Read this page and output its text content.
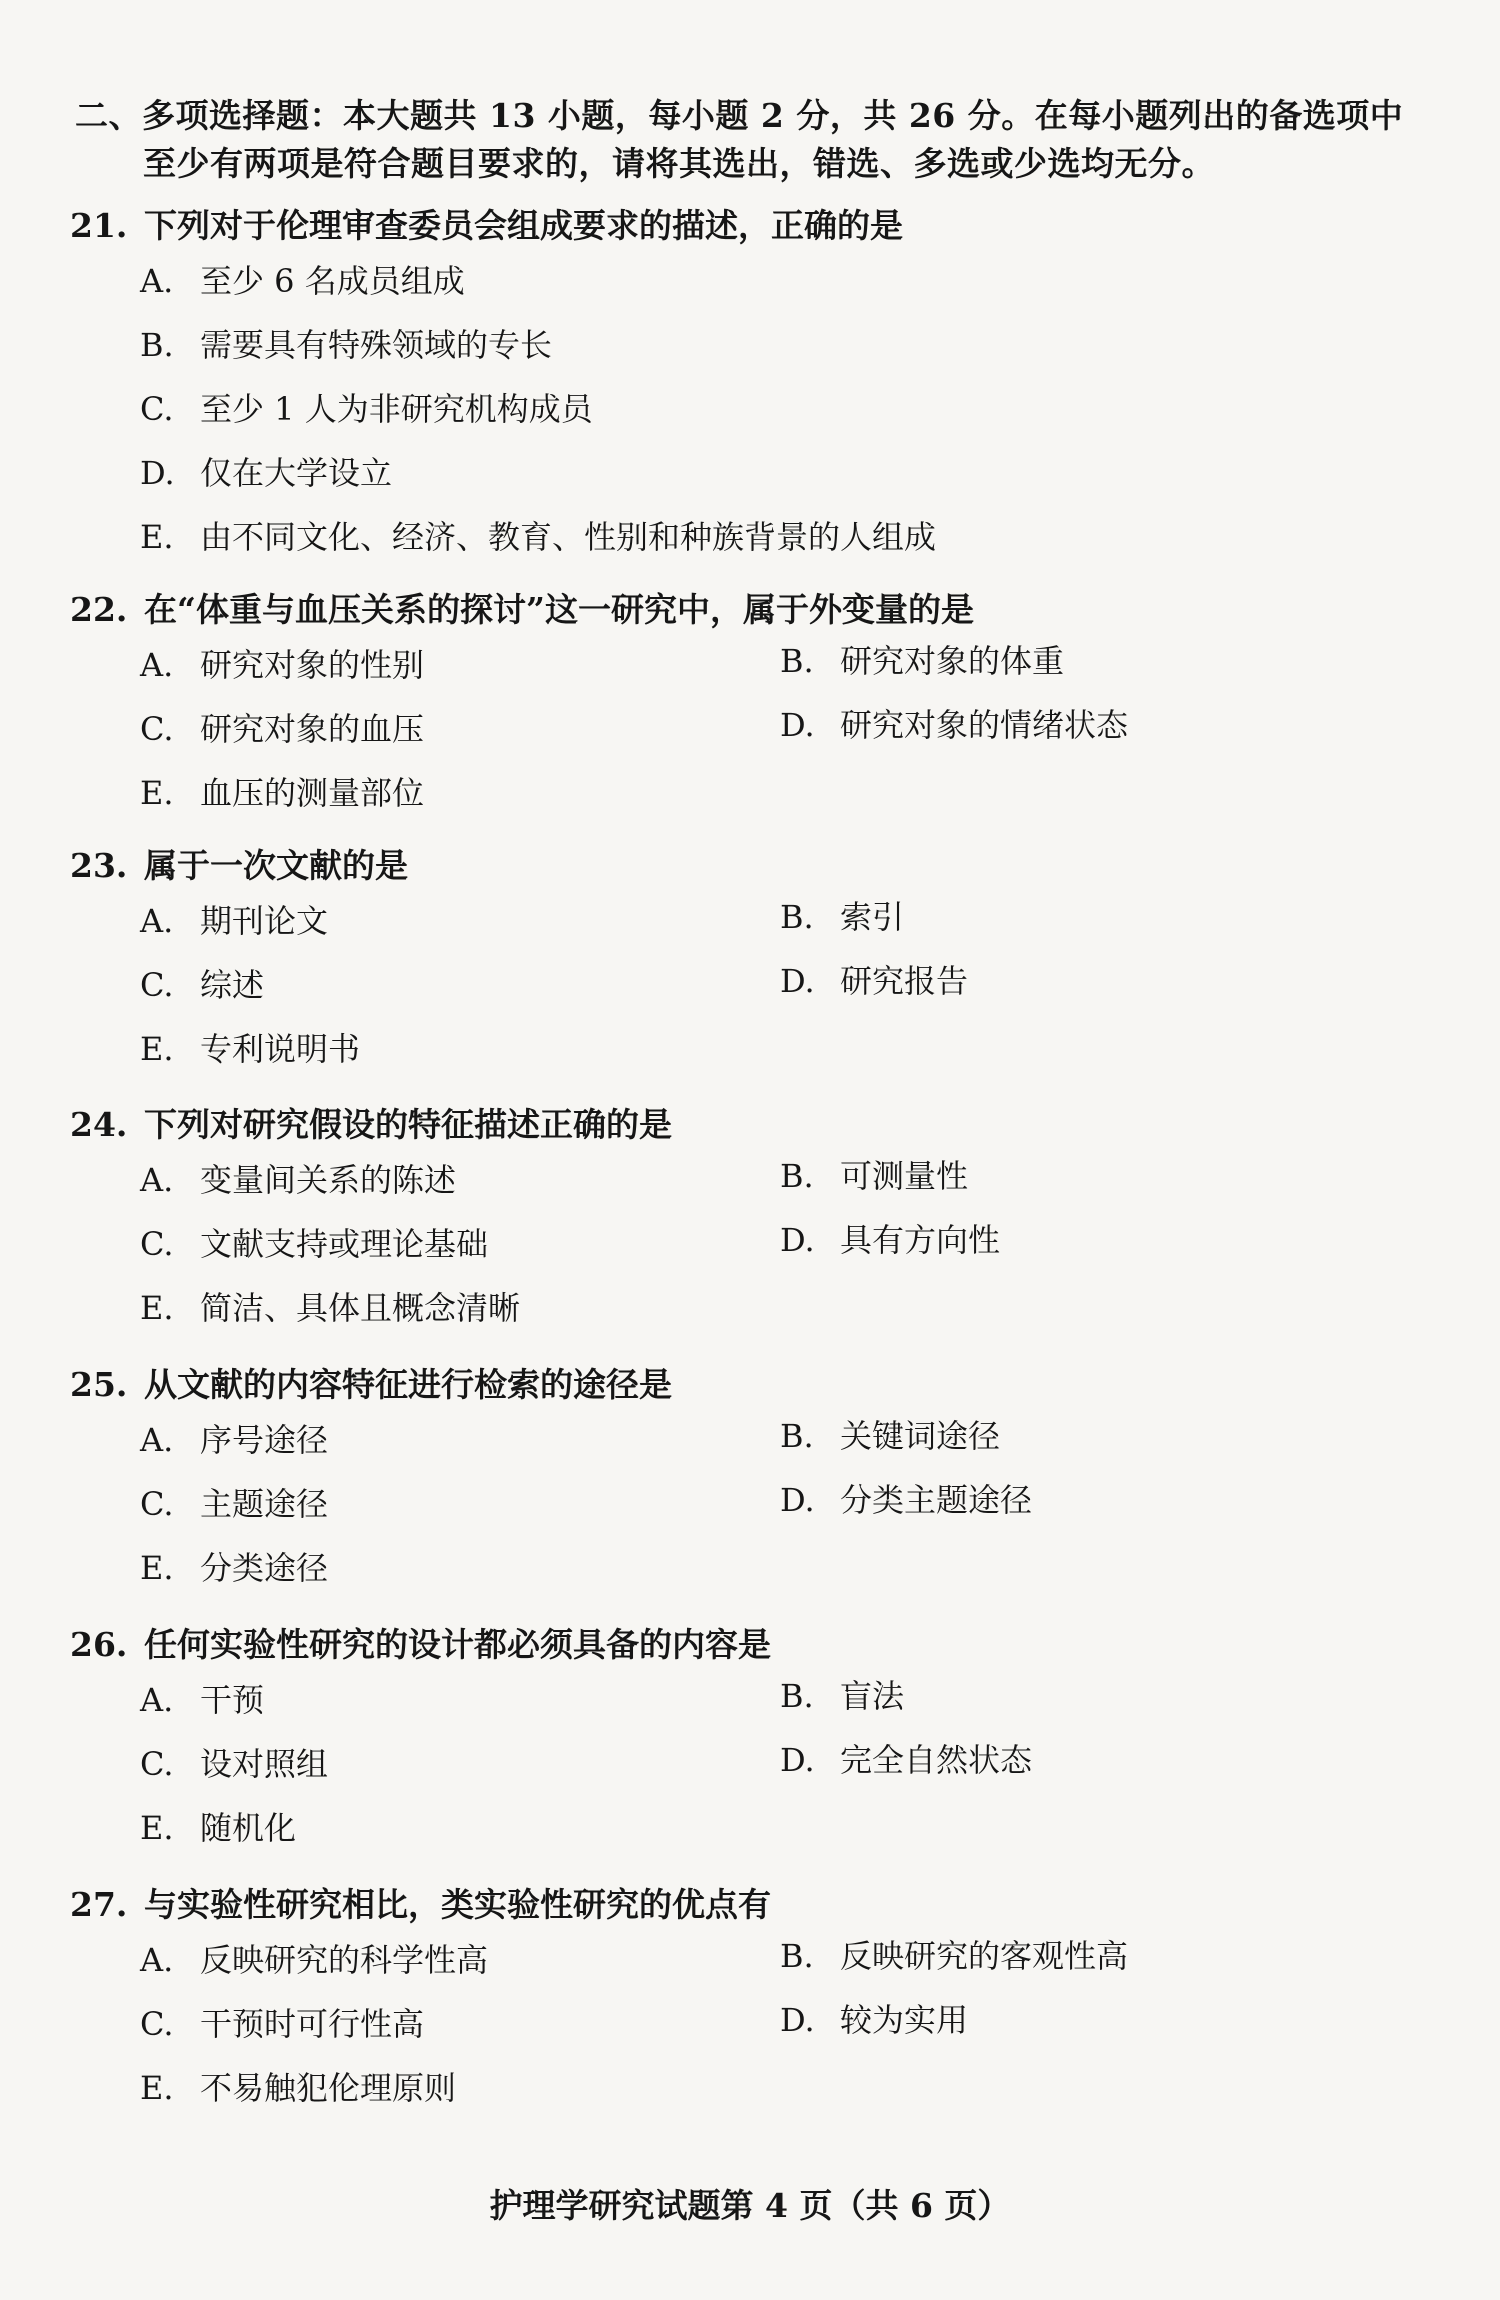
二、多项选择题：本大题共 13 小题，每小题 2 分，共 26 分。在每小题列出的备选项中
至少有两项是符合题目要求的，请将其选出，错选、多选或少选均无分。
21. 下列对于伦理审查委员会组成要求的描述，正确的是
A. 至少 6 名成员组成
B. 需要具有特殊领域的专长
C. 至少 1 人为非研究机构成员
D. 仅在大学设立
E. 由不同文化、经济、教育、性别和种族背景的人组成
22. 在“体重与血压关系的探讨”这一研究中，属于外变量的是
A. 研究对象的性别	B. 研究对象的体重
C. 研究对象的血压	D. 研究对象的情绪状态
E. 血压的测量部位
23. 属于一次文献的是
A. 期刊论文	B. 索引
C. 综述	D. 研究报告
E. 专利说明书
24. 下列对研究假设的特征描述正确的是
A. 变量间关系的陈述	B. 可测量性
C. 文献支持或理论基础	D. 具有方向性
E. 简洁、具体且概念清晰
25. 从文献的内容特征进行检索的途径是
A. 序号途径	B. 关键词途径
C. 主题途径	D. 分类主题途径
E. 分类途径
26. 任何实验性研究的设计都必须具备的内容是
A. 干预	B. 盲法
C. 设对照组	D. 完全自然状态
E. 随机化
27. 与实验性研究相比，类实验性研究的优点有
A. 反映研究的科学性高	B. 反映研究的客观性高
C. 干预时可行性高	D. 较为实用
E. 不易触犯伦理原则
护理学研究试题第 4 页（共 6 页）
